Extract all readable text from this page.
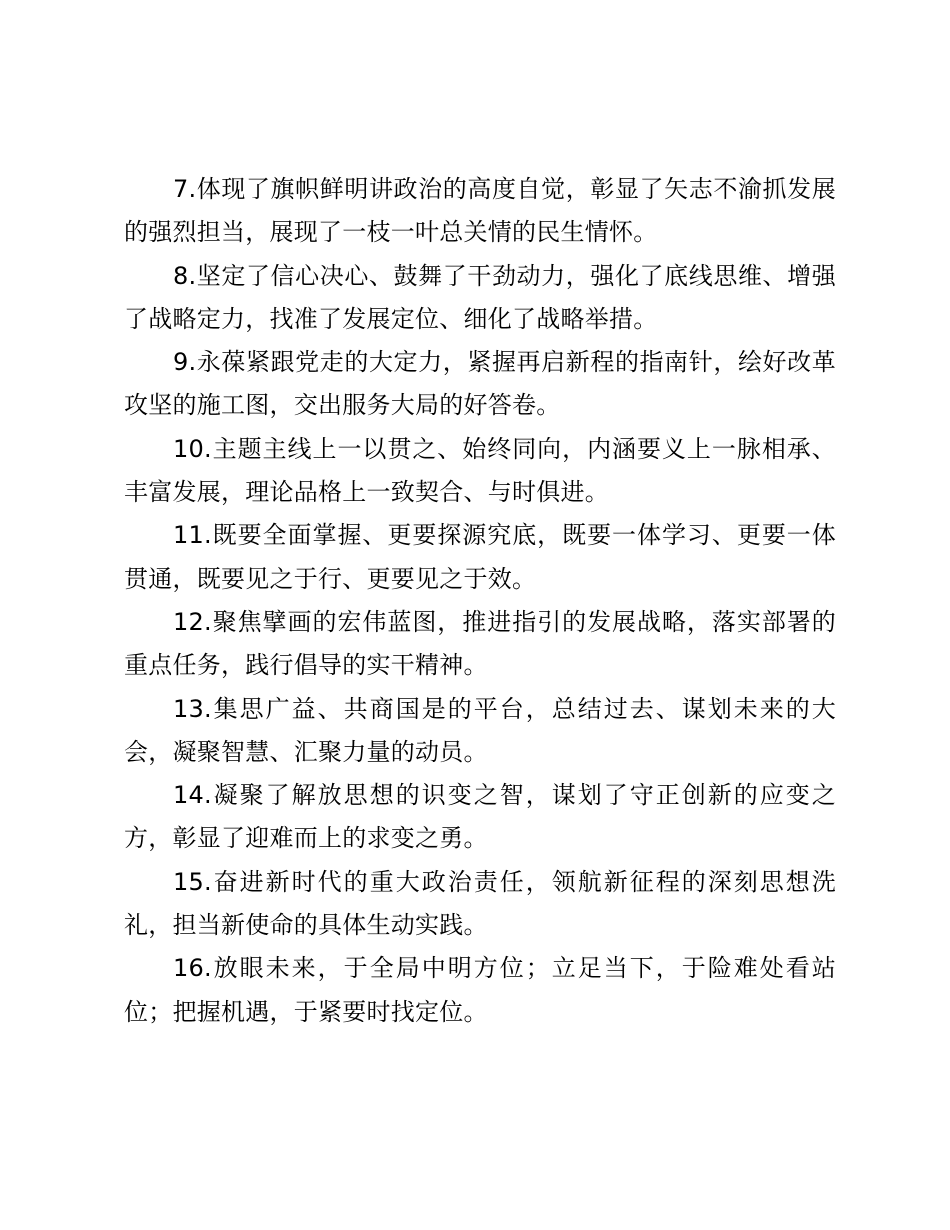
7.体现了旗帜鲜明讲政治的高度自觉，彰显了矢志不渝抓发展的强烈担当，展现了一枝一叶总关情的民生情怀。

8.坚定了信心决心、鼓舞了干劲动力，强化了底线思维、增强了战略定力，找准了发展定位、细化了战略举措。

9.永葆紧跟党走的大定力，紧握再启新程的指南针，绘好改革攻坚的施工图，交出服务大局的好答卷。

10.主题主线上一以贯之、始终同向，内涵要义上一脉相承、丰富发展，理论品格上一致契合、与时俱进。

11.既要全面掌握、更要探源究底，既要一体学习、更要一体贯通，既要见之于行、更要见之于效。

12.聚焦擘画的宏伟蓝图，推进指引的发展战略，落实部署的重点任务，践行倡导的实干精神。

13.集思广益、共商国是的平台，总结过去、谋划未来的大会，凝聚智慧、汇聚力量的动员。

14.凝聚了解放思想的识变之智，谋划了守正创新的应变之方，彰显了迎难而上的求变之勇。

15.奋进新时代的重大政治责任，领航新征程的深刻思想洗礼，担当新使命的具体生动实践。

16.放眼未来，于全局中明方位；立足当下，于险难处看站位；把握机遇，于紧要时找定位。
